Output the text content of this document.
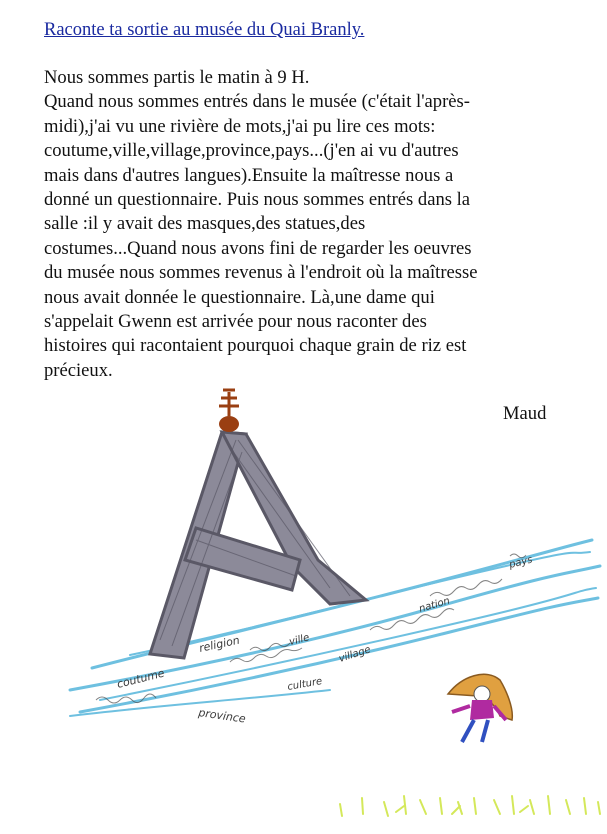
Raconte ta sortie au musée du Quai Branly.

Nous sommes partis le matin à 9 H.
Quand nous sommes entrés dans le musée (c'était l'après-
midi),j'ai vu une rivière de mots,j'ai pu lire ces mots:
coutume,ville,village,province,pays...(j'en ai vu d'autres
mais dans d'autres langues).Ensuite la maîtresse nous a
donné un questionnaire. Puis nous sommes entrés dans la
salle :il y avait des masques,des statues,des
costumes...Quand nous avons fini de regarder les oeuvres
du musée nous sommes revenus à l'endroit où la maîtresse
nous avait donnée le questionnaire. Là,une dame qui
s'appelait Gwenn est arrivée pour nous raconter des
histoires qui racontaient pourquoi chaque grain de riz est
précieux.

Maud
religion
coutume
ville
village
province
pays
culture
nation
